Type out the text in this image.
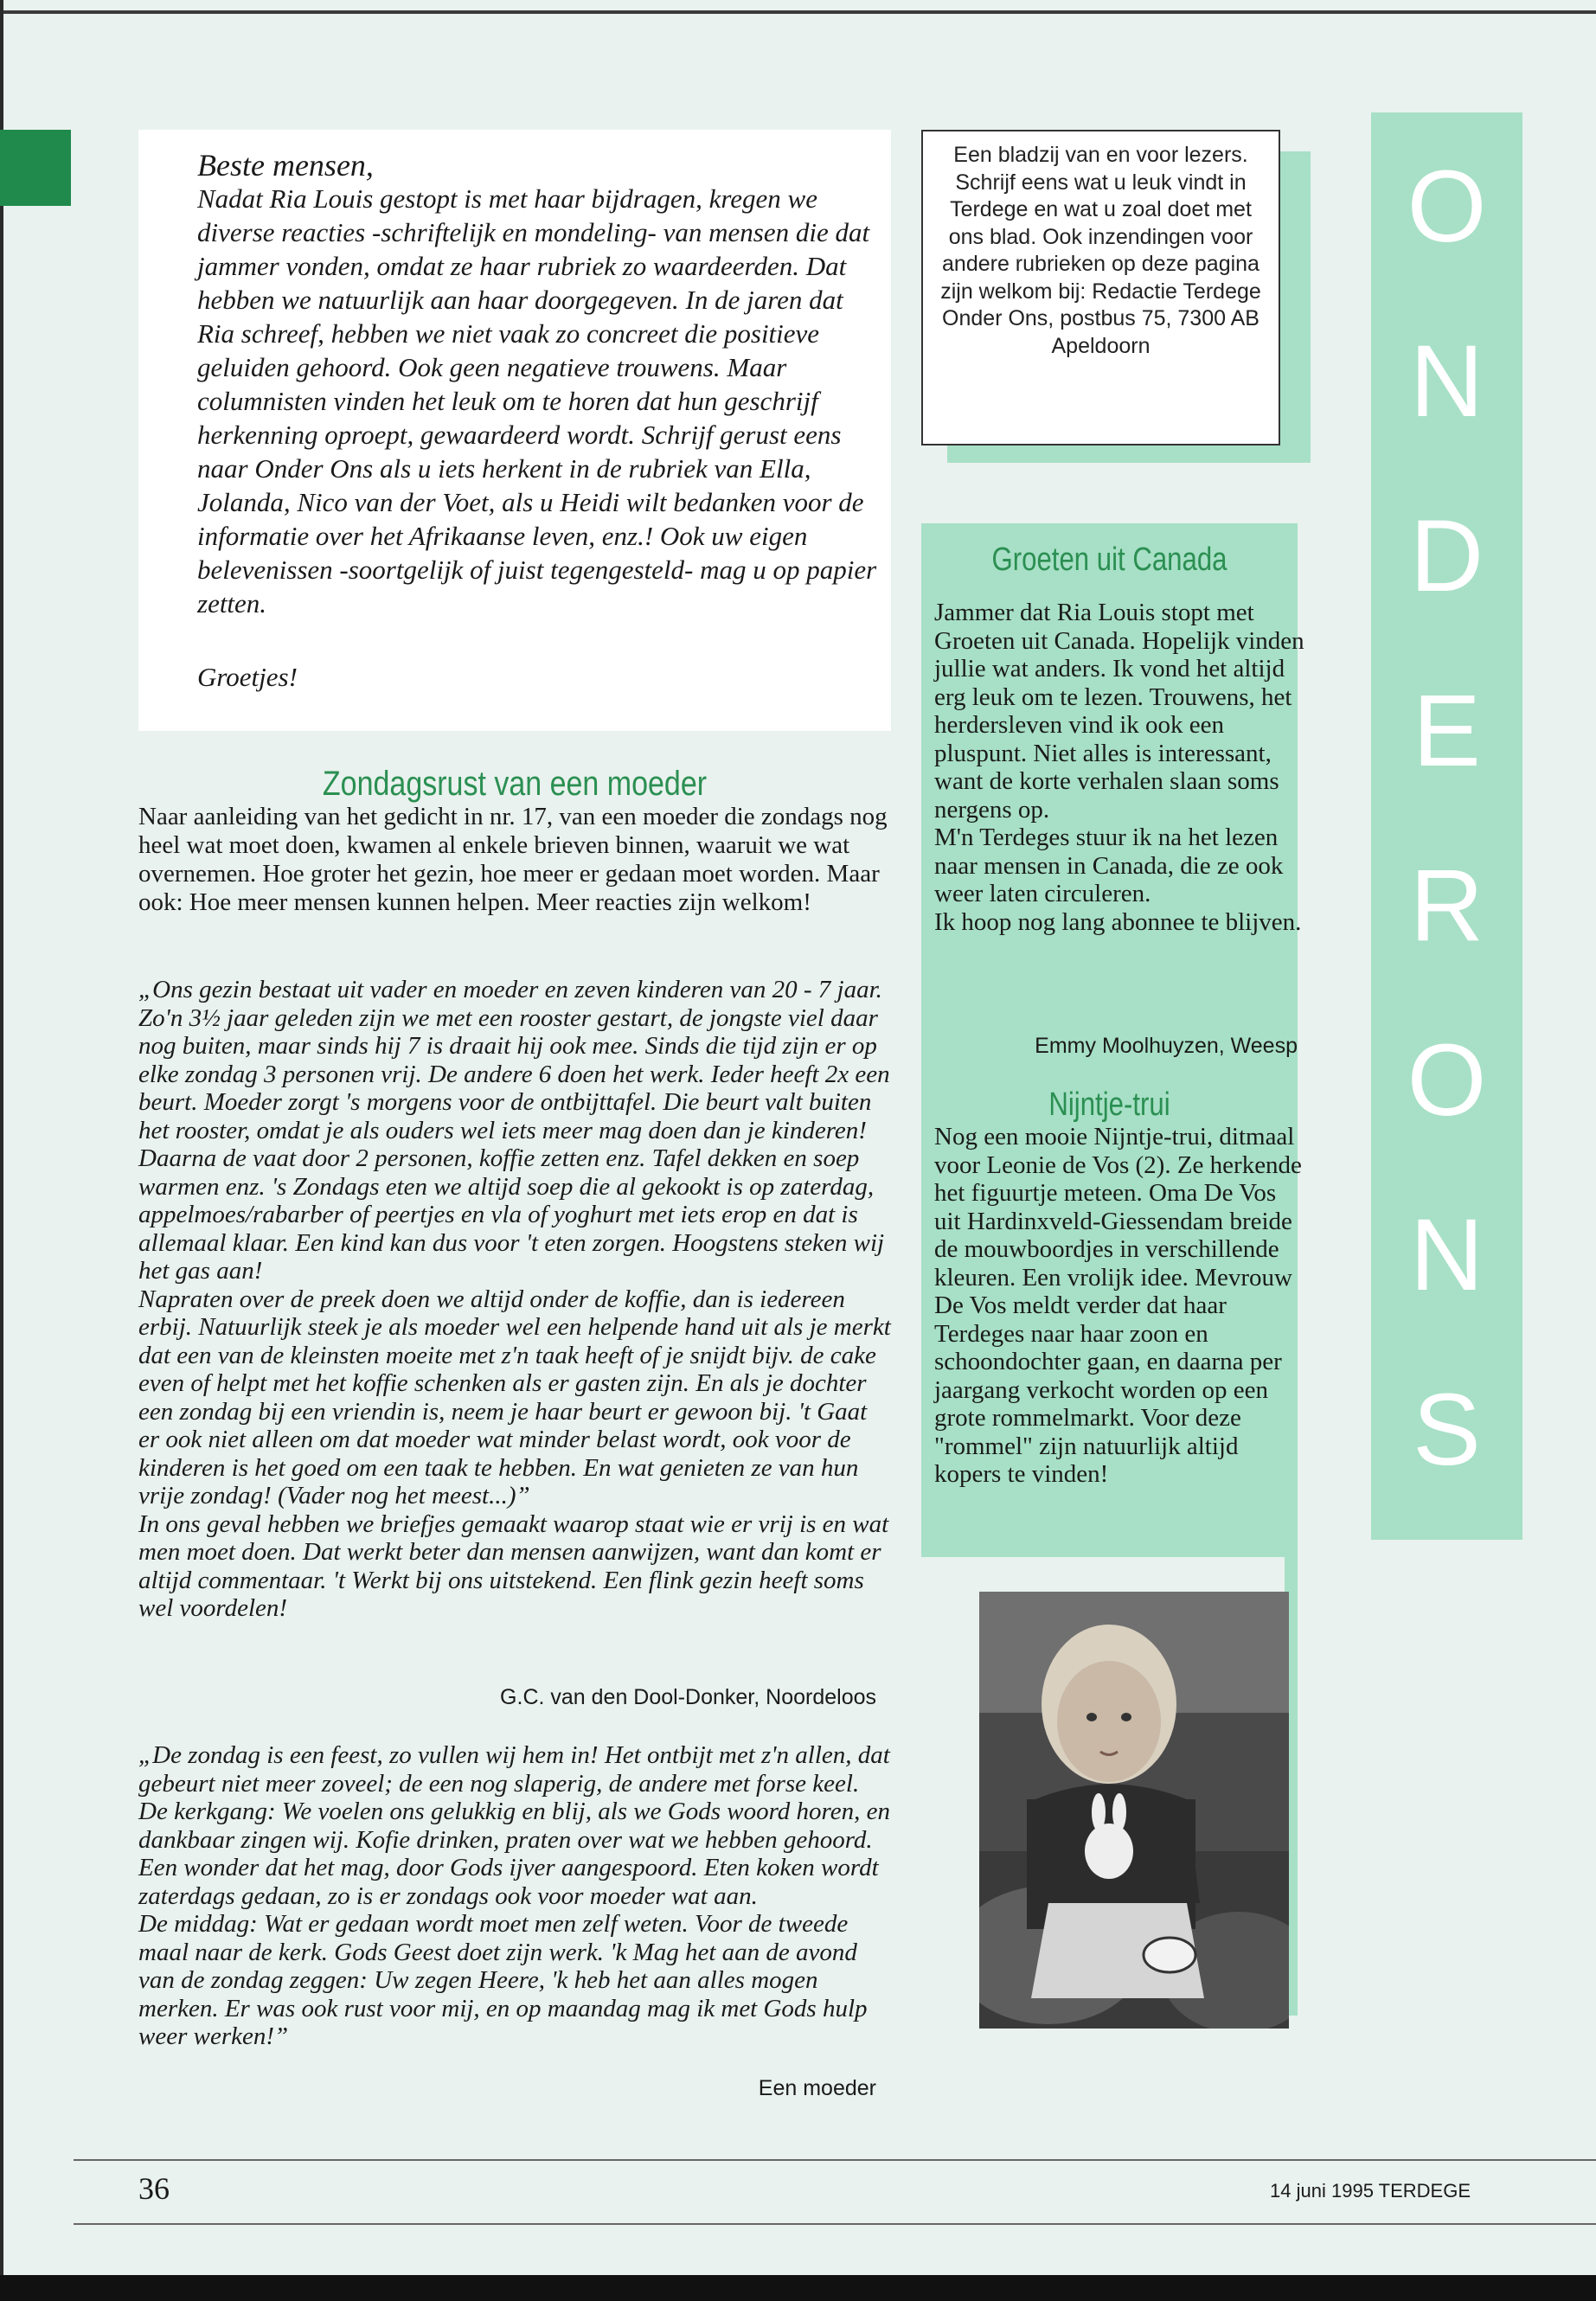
O
N
D
E
R
O
N
S
Beste mensen,

Nadat Ria Louis gestopt is met haar bijdragen, kregen we diverse reacties -schriftelijk en mondeling- van mensen die dat jammer vonden, omdat ze haar rubriek zo waardeerden. Dat hebben we natuurlijk aan haar doorgegeven. In de jaren dat Ria schreef, hebben we niet vaak zo concreet die positieve geluiden gehoord. Ook geen negatieve trouwens. Maar columnisten vinden het leuk om te horen dat hun geschrijf herkenning oproept, gewaardeerd wordt. Schrijf gerust eens naar Onder Ons als u iets herkent in de rubriek van Ella, Jolanda, Nico van der Voet, als u Heidi wilt bedanken voor de informatie over het Afrikaanse leven, enz.! Ook uw eigen belevenissen -soortgelijk of juist tegengesteld- mag u op papier zetten.

Groetjes!
Een bladzij van en voor lezers. Schrijf eens wat u leuk vindt in Terdege en wat u zoal doet met ons blad. Ook inzendingen voor andere rubrieken op deze pagina zijn welkom bij: Redactie Terdege Onder Ons, postbus 75, 7300 AB Apeldoorn
Groeten uit Canada

Jammer dat Ria Louis stopt met Groeten uit Canada. Hopelijk vinden jullie wat anders. Ik vond het altijd erg leuk om te lezen. Trouwens, het herdersleven vind ik ook een pluspunt. Niet alles is interessant, want de korte verhalen slaan soms nergens op.
M'n Terdeges stuur ik na het lezen naar mensen in Canada, die ze ook weer laten circuleren.
Ik hoop nog lang abonnee te blijven.

Emmy Moolhuyzen, Weesp
Nijntje-trui

Nog een mooie Nijntje-trui, ditmaal voor Leonie de Vos (2). Ze herkende het figuurtje meteen. Oma De Vos uit Hardinxveld-Giessendam breide de mouwboordjes in verschillende kleuren. Een vrolijk idee. Mevrouw De Vos meldt verder dat haar Terdeges naar haar zoon en schoondochter gaan, en daarna per jaargang verkocht worden op een grote rommelmarkt. Voor deze "rommel" zijn natuurlijk altijd kopers te vinden!

Zondagsrust van een moeder

Naar aanleiding van het gedicht in nr. 17, van een moeder die zondags nog heel wat moet doen, kwamen al enkele brieven binnen, waaruit we wat overnemen. Hoe groter het gezin, hoe meer er gedaan moet worden. Maar ook: Hoe meer mensen kunnen helpen. Meer reacties zijn welkom!

„Ons gezin bestaat uit vader en moeder en zeven kinderen van 20 - 7 jaar. Zo'n 3½ jaar geleden zijn we met een rooster gestart, de jongste viel daar nog buiten, maar sinds hij 7 is draait hij ook mee. Sinds die tijd zijn er op elke zondag 3 personen vrij. De andere 6 doen het werk. Ieder heeft 2x een beurt. Moeder zorgt 's morgens voor de ontbijttafel. Die beurt valt buiten het rooster, omdat je als ouders wel iets meer mag doen dan je kinderen!
Daarna de vaat door 2 personen, koffie zetten enz. Tafel dekken en soep warmen enz. 's Zondags eten we altijd soep die al gekookt is op zaterdag, appelmoes/rabarber of peertjes en vla of yoghurt met iets erop en dat is allemaal klaar. Een kind kan dus voor 't eten zorgen. Hoogstens steken wij het gas aan!
Napraten over de preek doen we altijd onder de koffie, dan is iedereen erbij. Natuurlijk steek je als moeder wel een helpende hand uit als je merkt dat een van de kleinsten moeite met z'n taak heeft of je snijdt bijv. de cake even of helpt met het koffie schenken als er gasten zijn. En als je dochter een zondag bij een vriendin is, neem je haar beurt er gewoon bij. 't Gaat er ook niet alleen om dat moeder wat minder belast wordt, ook voor de kinderen is het goed om een taak te hebben. En wat genieten ze van hun vrije zondag! (Vader nog het meest...)”
In ons geval hebben we briefjes gemaakt waarop staat wie er vrij is en wat men moet doen. Dat werkt beter dan mensen aanwijzen, want dan komt er altijd commentaar. 't Werkt bij ons uitstekend. Een flink gezin heeft soms wel voordelen!

G.C. van den Dool-Donker, Noordeloos

„De zondag is een feest, zo vullen wij hem in! Het ontbijt met z'n allen, dat gebeurt niet meer zoveel; de een nog slaperig, de andere met forse keel. De kerkgang: We voelen ons gelukkig en blij, als we Gods woord horen, en dankbaar zingen wij. Kofie drinken, praten over wat we hebben gehoord. Een wonder dat het mag, door Gods ijver aangespoord. Eten koken wordt zaterdags gedaan, zo is er zondags ook voor moeder wat aan.
De middag: Wat er gedaan wordt moet men zelf weten. Voor de tweede maal naar de kerk. Gods Geest doet zijn werk. 'k Mag het aan de avond van de zondag zeggen: Uw zegen Heere, 'k heb het aan alles mogen merken. Er was ook rust voor mij, en op maandag mag ik met Gods hulp weer werken!”

Een moeder
36	14 juni 1995 TERDEGE
